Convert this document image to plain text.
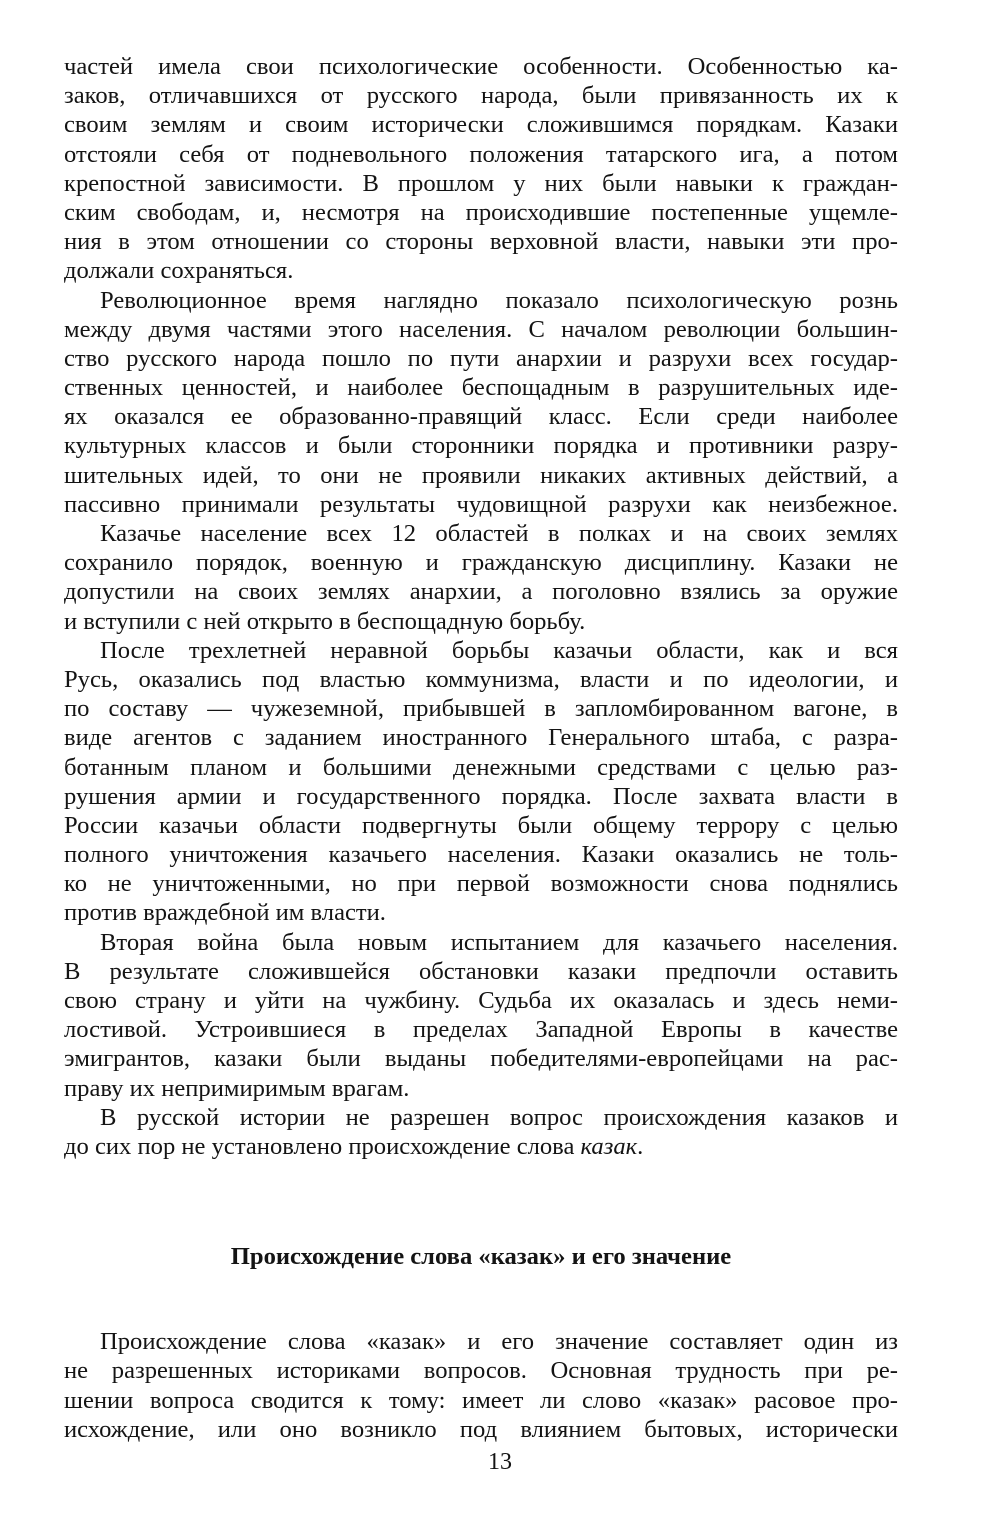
частей имела свои психологические особенности. Особенностью ка-
заков, отличавшихся от русского народа, были привязанность их к
своим землям и своим исторически сложившимся порядкам. Казаки
отстояли себя от подневольного положения татарского ига, а потом
крепостной зависимости. В прошлом у них были навыки к граждан-
ским свободам, и, несмотря на происходившие постепенные ущемле-
ния в этом отношении со стороны верховной власти, навыки эти про-
должали сохраняться.
Революционное время наглядно показало психологическую рознь
между двумя частями этого населения. С началом революции большин-
ство русского народа пошло по пути анархии и разрухи всех государ-
ственных ценностей, и наиболее беспощадным в разрушительных иде-
ях оказался ее образованно-правящий класс. Если среди наиболее
культурных классов и были сторонники порядка и противники разру-
шительных идей, то они не проявили никаких активных действий, а
пассивно принимали результаты чудовищной разрухи как неизбежное.
Казачье население всех 12 областей в полках и на своих землях
сохранило порядок, военную и гражданскую дисциплину. Казаки не
допустили на своих землях анархии, а поголовно взялись за оружие
и вступили с ней открыто в беспощадную борьбу.
После трехлетней неравной борьбы казачьи области, как и вся
Русь, оказались под властью коммунизма, власти и по идеологии, и
по составу — чужеземной, прибывшей в запломбированном вагоне, в
виде агентов с заданием иностранного Генерального штаба, с разра-
ботанным планом и большими денежными средствами с целью раз-
рушения армии и государственного порядка. После захвата власти в
России казачьи области подвергнуты были общему террору с целью
полного уничтожения казачьего населения. Казаки оказались не толь-
ко не уничтоженными, но при первой возможности снова поднялись
против враждебной им власти.
Вторая война была новым испытанием для казачьего населения.
В результате сложившейся обстановки казаки предпочли оставить
свою страну и уйти на чужбину. Судьба их оказалась и здесь неми-
лостивой. Устроившиеся в пределах Западной Европы в качестве
эмигрантов, казаки были выданы победителями-европейцами на рас-
праву их непримиримым врагам.
В русской истории не разрешен вопрос происхождения казаков и
до сих пор не установлено происхождение слова казак.
Происхождение слова «казак» и его значение
Происхождение слова «казак» и его значение составляет один из
не разрешенных историками вопросов. Основная трудность при ре-
шении вопроса сводится к тому: имеет ли слово «казак» расовое про-
исхождение, или оно возникло под влиянием бытовых, исторически
13
